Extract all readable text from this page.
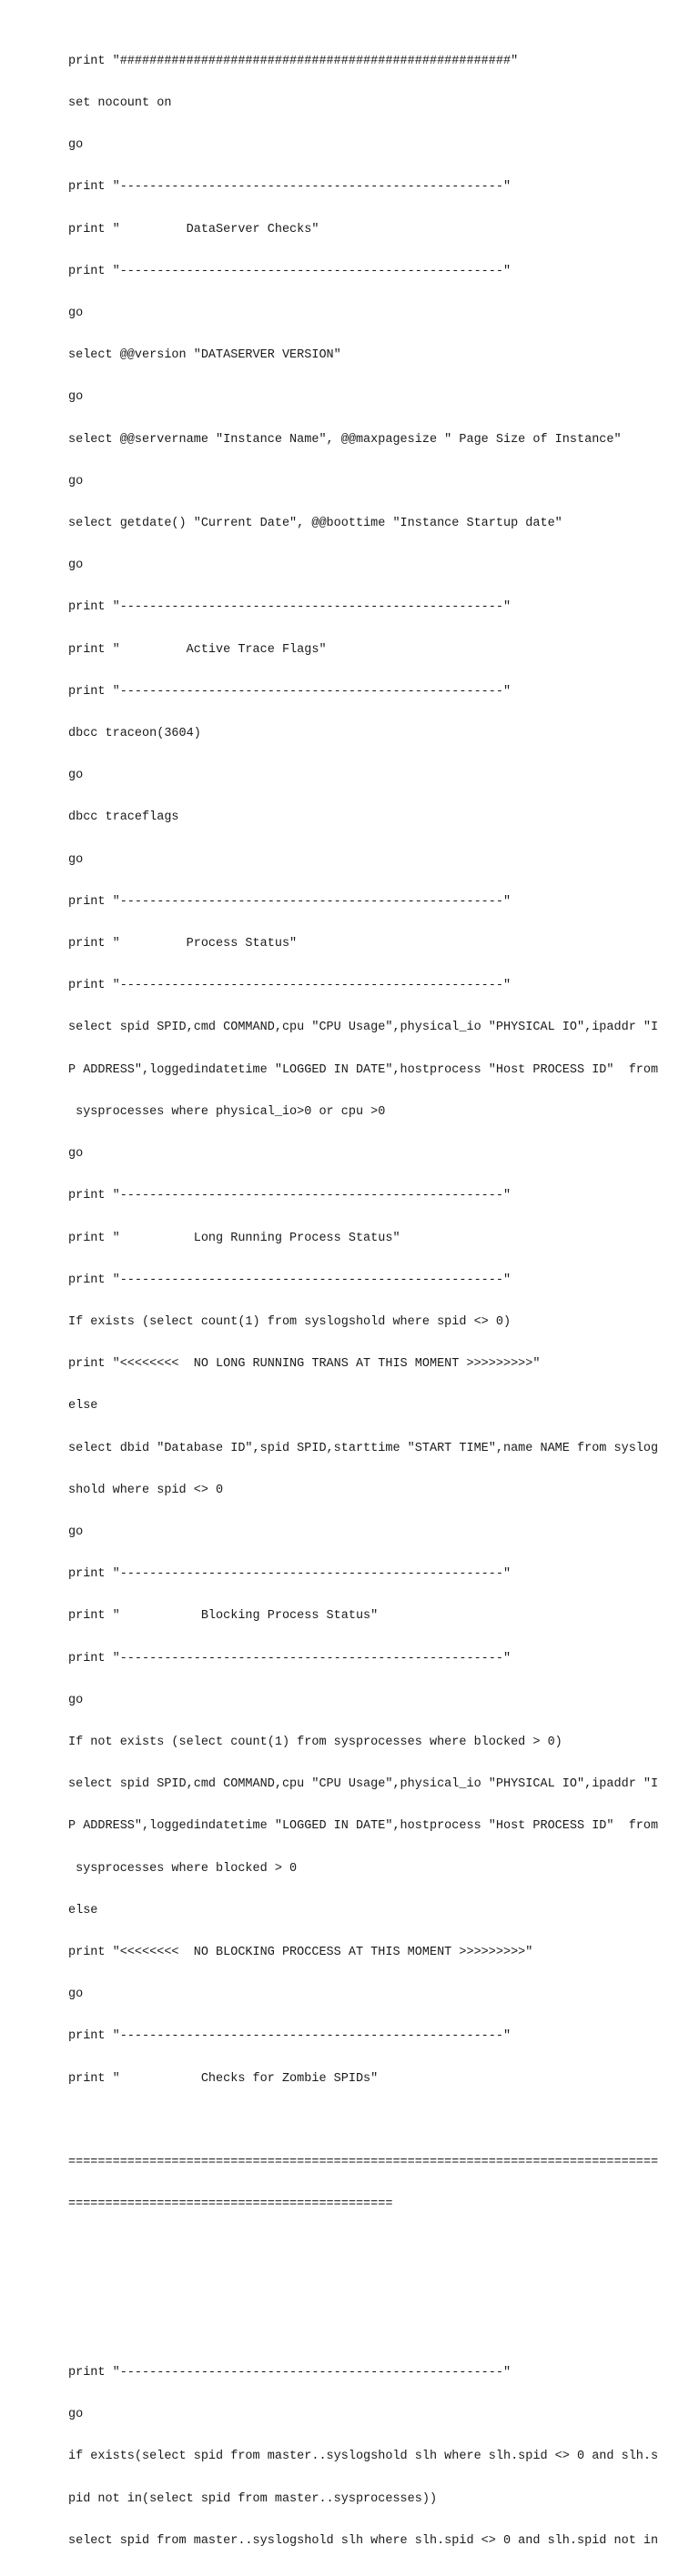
print "#####################################################"

set nocount on

go

print "----------------------------------------------------"

print "         DataServer Checks"

print "----------------------------------------------------"

go

select @@version "DATASERVER VERSION"

go

select @@servername "Instance Name", @@maxpagesize " Page Size of Instance"

go

select getdate() "Current Date", @@boottime "Instance Startup date"

go

print "----------------------------------------------------"

print "         Active Trace Flags"

print "----------------------------------------------------"

dbcc traceon(3604)

go

dbcc traceflags

go

print "----------------------------------------------------"

print "         Process Status"

print "----------------------------------------------------"

select spid SPID,cmd COMMAND,cpu "CPU Usage",physical_io "PHYSICAL IO",ipaddr "I

P ADDRESS",loggedindatetime "LOGGED IN DATE",hostprocess "Host PROCESS ID"  from

sysprocesses where physical_io>0 or cpu >0

go

print "----------------------------------------------------"

print "          Long Running Process Status"

print "----------------------------------------------------"

If exists (select count(1) from syslogshold where spid <> 0)

print "<<<<<<<<  NO LONG RUNNING TRANS AT THIS MOMENT >>>>>>>>>"

else

select dbid "Database ID",spid SPID,starttime "START TIME",name NAME from syslog

shold where spid <> 0

go

print "----------------------------------------------------"

print "           Blocking Process Status"

print "----------------------------------------------------"

go

If not exists (select count(1) from sysprocesses where blocked > 0)

select spid SPID,cmd COMMAND,cpu "CPU Usage",physical_io "PHYSICAL IO",ipaddr "I

P ADDRESS",loggedindatetime "LOGGED IN DATE",hostprocess "Host PROCESS ID"  from

sysprocesses where blocked > 0

else

print "<<<<<<<<  NO BLOCKING PROCCESS AT THIS MOMENT >>>>>>>>>"

go

print "----------------------------------------------------"

print "           Checks for Zombie SPIDs"

================================================================================

============================================

print "----------------------------------------------------"

go

if exists(select spid from master..syslogshold slh where slh.spid <> 0 and slh.s

pid not in(select spid from master..sysprocesses))

select spid from master..syslogshold slh where slh.spid <> 0 and slh.spid not in
